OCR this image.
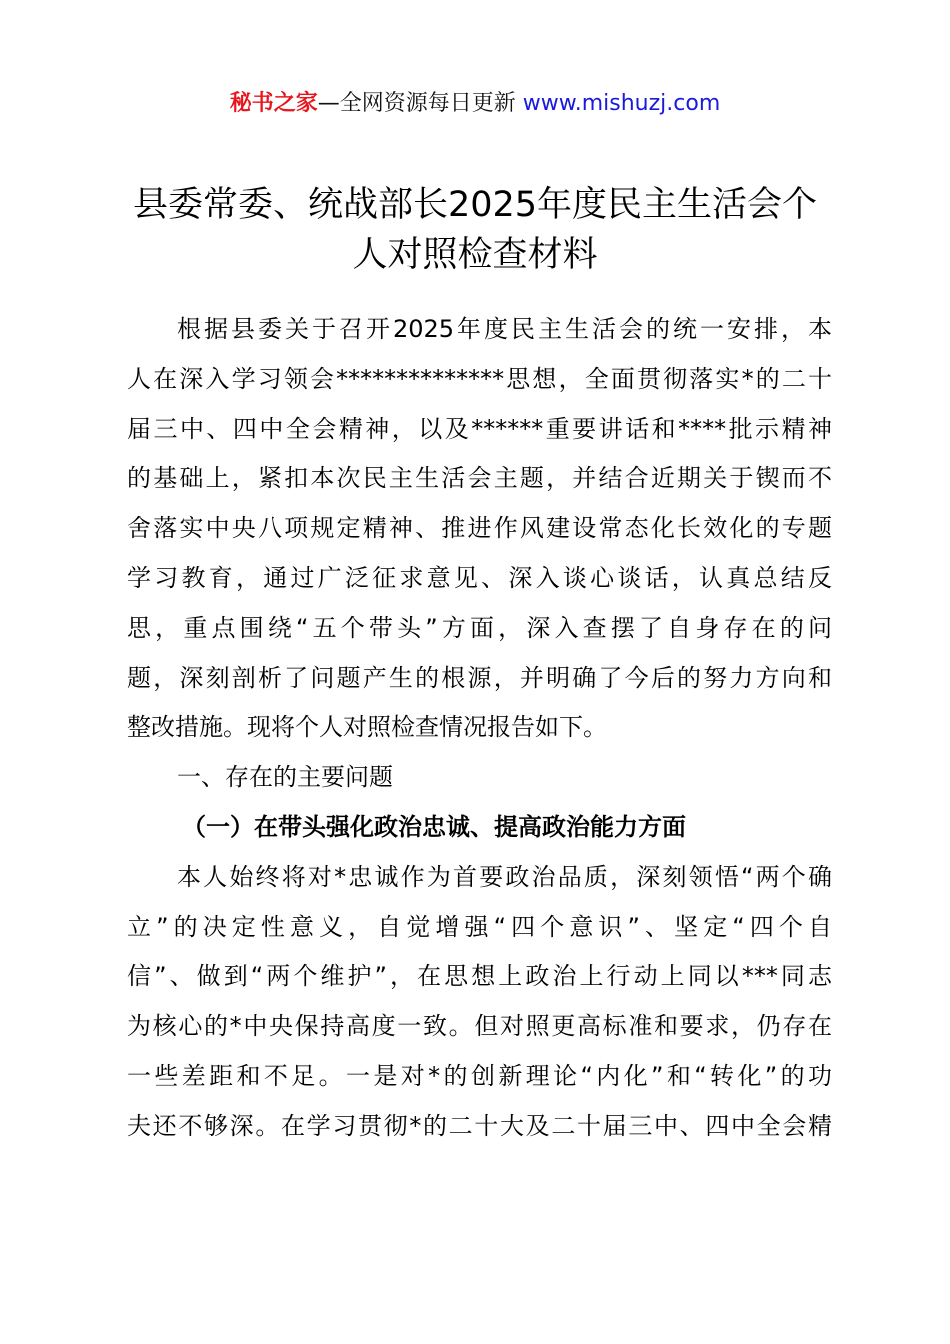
秘书之家—全网资源每日更新 www.mishuzj.com
县委常委、统战部长2025年度民主生活会个
人对照检查材料
根据县委关于召开2025年度民主生活会的统一安排，本
人在深入学习领会**************思想，全面贯彻落实*的二十
届三中、四中全会精神，以及******重要讲话和****批示精神
的基础上，紧扣本次民主生活会主题，并结合近期关于锲而不
舍落实中央八项规定精神、推进作风建设常态化长效化的专题
学习教育，通过广泛征求意见、深入谈心谈话，认真总结反
思，重点围绕“五个带头”方面，深入查摆了自身存在的问
题，深刻剖析了问题产生的根源，并明确了今后的努力方向和
整改措施。现将个人对照检查情况报告如下。
一、存在的主要问题
（一）在带头强化政治忠诚、提高政治能力方面
本人始终将对*忠诚作为首要政治品质，深刻领悟“两个确
立”的决定性意义，自觉增强“四个意识”、坚定“四个自
信”、做到“两个维护”，在思想上政治上行动上同以***同志
为核心的*中央保持高度一致。但对照更高标准和要求，仍存在
一些差距和不足。一是对*的创新理论“内化”和“转化”的功
夫还不够深。在学习贯彻*的二十大及二十届三中、四中全会精
